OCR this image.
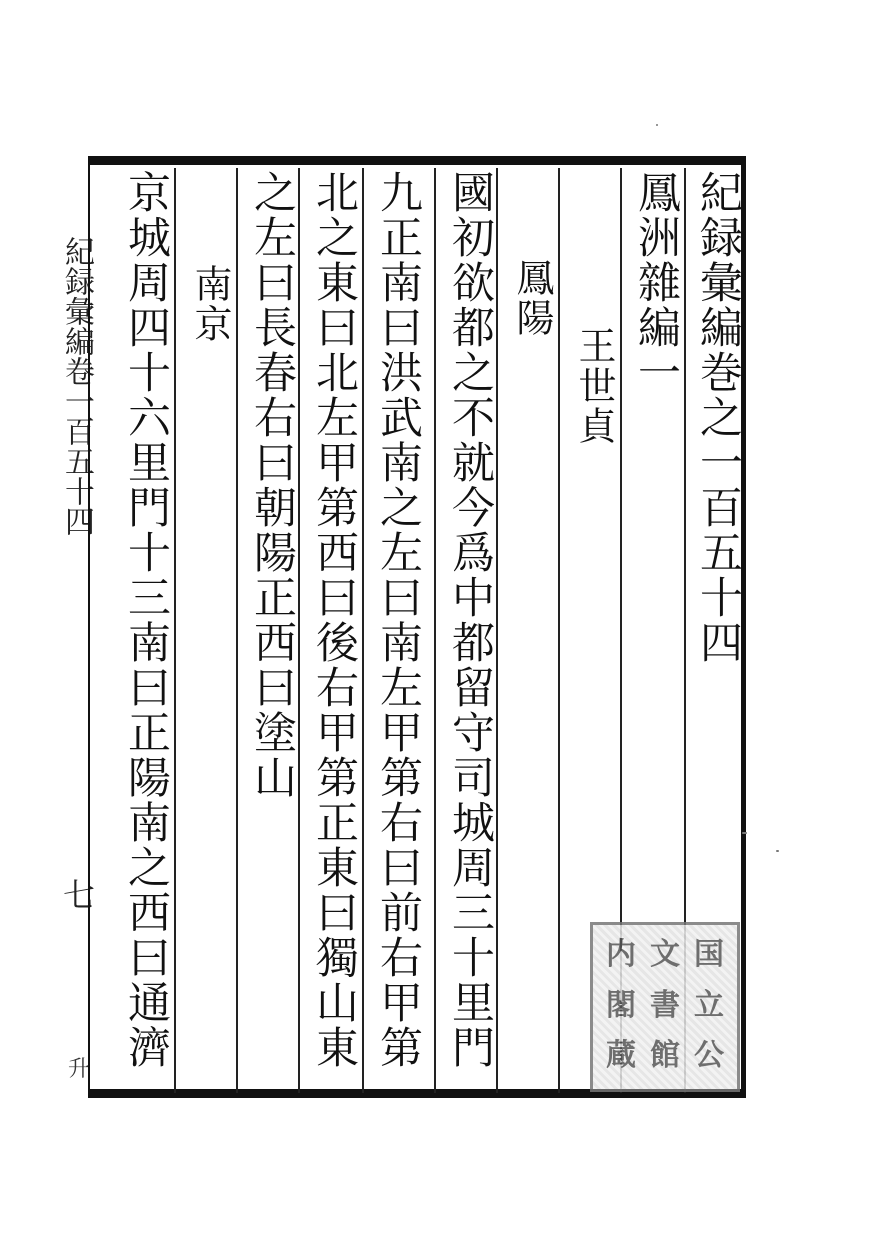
紀録彙編卷一百五十四
七
升
紀録彙編巻之一百五十四
鳳洲雜編一
王世貞
鳳陽
國初欲都之不就今爲中都留守司城周三十里門
九正南曰洪武南之左曰南左甲第右曰前右甲第
北之東曰北左甲第西曰後右甲第正東曰獨山東
之左曰長春右曰朝陽正西曰塗山
南京
京城周四十六里門十三南曰正陽南之西曰通濟	国
立
公
文
書
館
内
閣
蔵
